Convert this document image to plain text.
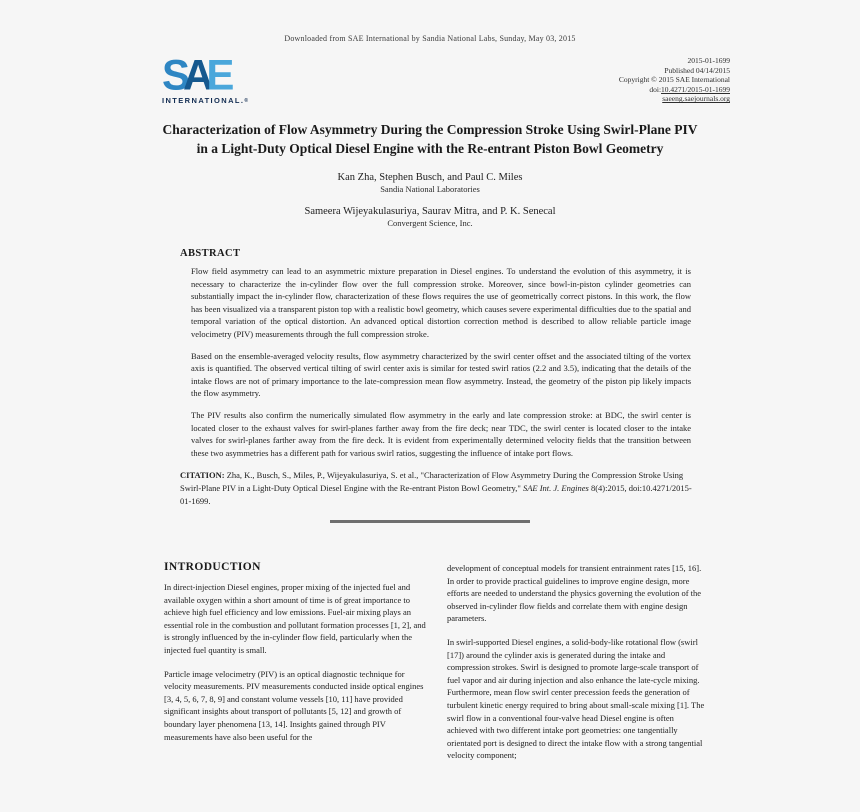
Downloaded from SAE International by Sandia National Labs, Sunday, May 03, 2015
SAE
INTERNATIONAL.®
2015-01-1699
Published 04/14/2015
Copyright © 2015 SAE International
doi:10.4271/2015-01-1699
saeeng.saejournals.org
Characterization of Flow Asymmetry During the Compression Stroke Using Swirl-Plane PIV in a Light-Duty Optical Diesel Engine with the Re-entrant Piston Bowl Geometry
Kan Zha, Stephen Busch, and Paul C. Miles
Sandia National Laboratories
Sameera Wijeyakulasuriya, Saurav Mitra, and P. K. Senecal
Convergent Science, Inc.
ABSTRACT

Flow field asymmetry can lead to an asymmetric mixture preparation in Diesel engines. To understand the evolution of this asymmetry, it is necessary to characterize the in-cylinder flow over the full compression stroke. Moreover, since bowl-in-piston cylinder geometries can substantially impact the in-cylinder flow, characterization of these flows requires the use of geometrically correct pistons. In this work, the flow has been visualized via a transparent piston top with a realistic bowl geometry, which causes severe experimental difficulties due to the spatial and temporal variation of the optical distortion. An advanced optical distortion correction method is described to allow reliable particle image velocimetry (PIV) measurements through the full compression stroke.

Based on the ensemble-averaged velocity results, flow asymmetry characterized by the swirl center offset and the associated tilting of the vortex axis is quantified. The observed vertical tilting of swirl center axis is similar for tested swirl ratios (2.2 and 3.5), indicating that the details of the intake flows are not of primary importance to the late-compression mean flow asymmetry. Instead, the geometry of the piston pip likely impacts the flow asymmetry.

The PIV results also confirm the numerically simulated flow asymmetry in the early and late compression stroke: at BDC, the swirl center is located closer to the exhaust valves for swirl-planes farther away from the fire deck; near TDC, the swirl center is located closer to the intake valves for swirl-planes farther away from the fire deck. It is evident from experimentally determined velocity fields that the transition between these two asymmetries has a different path for various swirl ratios, suggesting the influence of intake port flows.

CITATION: Zha, K., Busch, S., Miles, P., Wijeyakulasuriya, S. et al., "Characterization of Flow Asymmetry During the Compression Stroke Using Swirl-Plane PIV in a Light-Duty Optical Diesel Engine with the Re-entrant Piston Bowl Geometry," SAE Int. J. Engines 8(4):2015, doi:10.4271/2015-01-1699.

INTRODUCTION

In direct-injection Diesel engines, proper mixing of the injected fuel and available oxygen within a short amount of time is of great importance to achieve high fuel efficiency and low emissions. Fuel-air mixing plays an essential role in the combustion and pollutant formation processes [1, 2], and is strongly influenced by the in-cylinder flow field, particularly when the injected fuel quantity is small.

Particle image velocimetry (PIV) is an optical diagnostic technique for velocity measurements. PIV measurements conducted inside optical engines [3, 4, 5, 6, 7, 8, 9] and constant volume vessels [10, 11] have provided significant insights about transport of pollutants [5, 12] and growth of boundary layer phenomena [13, 14]. Insights gained through PIV measurements have also been useful for the

development of conceptual models for transient entrainment rates [15, 16]. In order to provide practical guidelines to improve engine design, more efforts are needed to understand the physics governing the evolution of the observed in-cylinder flow fields and correlate them with engine design parameters.

In swirl-supported Diesel engines, a solid-body-like rotational flow (swirl [17]) around the cylinder axis is generated during the intake and compression strokes. Swirl is designed to promote large-scale transport of fuel vapor and air during injection and also enhance the late-cycle mixing. Furthermore, mean flow swirl center precession feeds the generation of turbulent kinetic energy required to bring about small-scale mixing [1]. The swirl flow in a conventional four-valve head Diesel engine is often achieved with two different intake port geometries: one tangentially orientated port is designed to direct the intake flow with a strong tangential velocity component;
